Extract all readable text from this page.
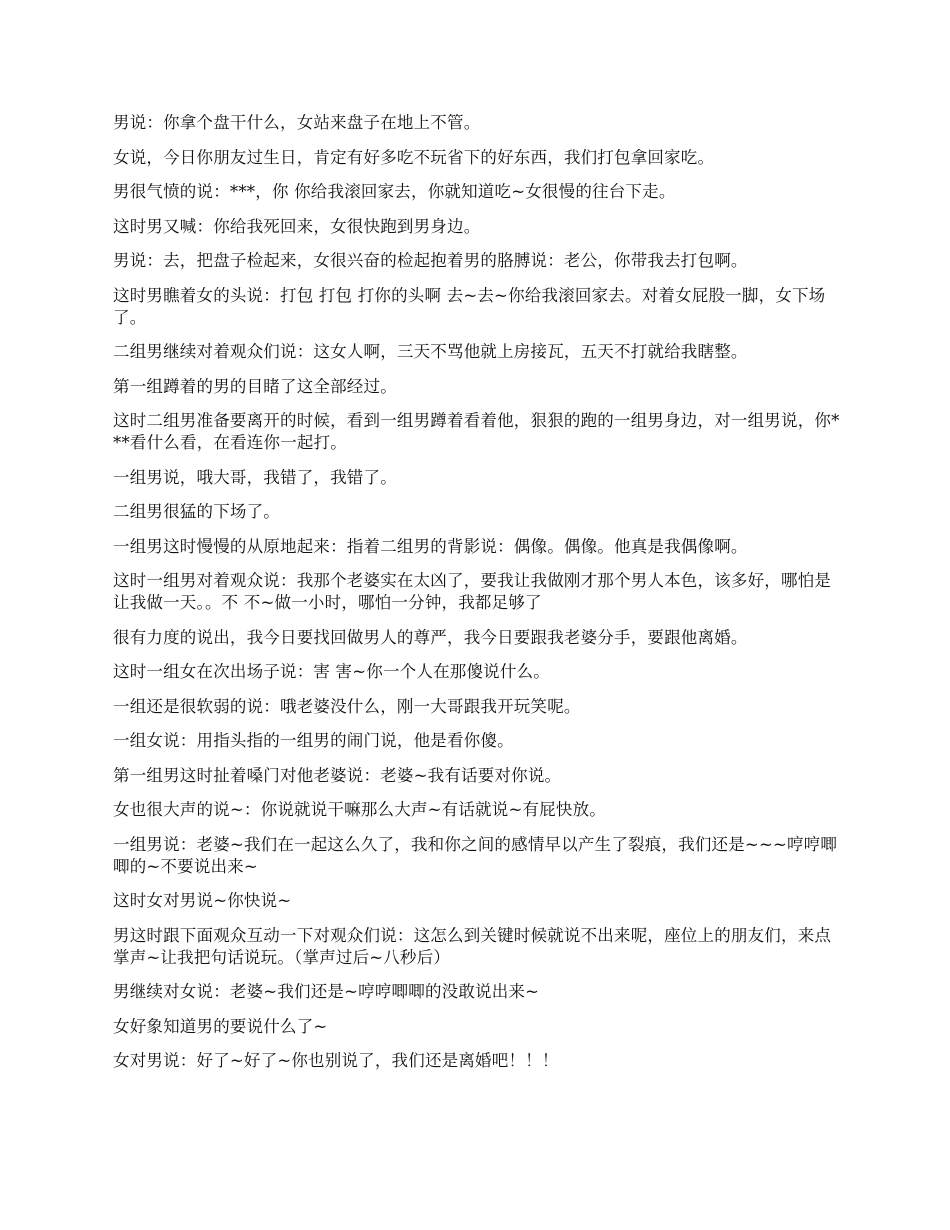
男说：你拿个盘干什么，女站来盘子在地上不管。

女说，今日你朋友过生日，肯定有好多吃不玩省下的好东西，我们打包拿回家吃。

男很气愤的说：***，你 你给我滚回家去，你就知道吃~女很慢的往台下走。

这时男又喊：你给我死回来，女很快跑到男身边。

男说：去，把盘子检起来，女很兴奋的检起抱着男的胳膊说：老公，你带我去打包啊。

这时男瞧着女的头说：打包 打包 打你的头啊 去~去~你给我滚回家去。对着女屁股一脚，女下场了。

二组男继续对着观众们说：这女人啊，三天不骂他就上房接瓦，五天不打就给我瞎整。

第一组蹲着的男的目睹了这全部经过。

这时二组男准备要离开的时候，看到一组男蹲着看着他，狠狠的跑的一组男身边，对一组男说，你***看什么看，在看连你一起打。

一组男说，哦大哥，我错了，我错了。

二组男很猛的下场了。

一组男这时慢慢的从原地起来：指着二组男的背影说：偶像。偶像。他真是我偶像啊。

这时一组男对着观众说：我那个老婆实在太凶了，要我让我做刚才那个男人本色，该多好，哪怕是让我做一天。。不 不~做一小时，哪怕一分钟，我都足够了

很有力度的说出，我今日要找回做男人的尊严，我今日要跟我老婆分手，要跟他离婚。

这时一组女在次出场子说：害 害~你一个人在那傻说什么。

一组还是很软弱的说：哦老婆没什么，刚一大哥跟我开玩笑呢。

一组女说：用指头指的一组男的闹门说，他是看你傻。

第一组男这时扯着嗓门对他老婆说：老婆~我有话要对你说。

女也很大声的说~：你说就说干嘛那么大声~有话就说~有屁快放。

一组男说：老婆~我们在一起这么久了，我和你之间的感情早以产生了裂痕，我们还是~~~哼哼唧唧的~不要说出来~

这时女对男说~你快说~

男这时跟下面观众互动一下对观众们说：这怎么到关键时候就说不出来呢，座位上的朋友们，来点掌声~让我把句话说玩。（掌声过后~八秒后）

男继续对女说：老婆~我们还是~哼哼唧唧的没敢说出来~

女好象知道男的要说什么了~

女对男说：好了~好了~你也别说了，我们还是离婚吧！！！
